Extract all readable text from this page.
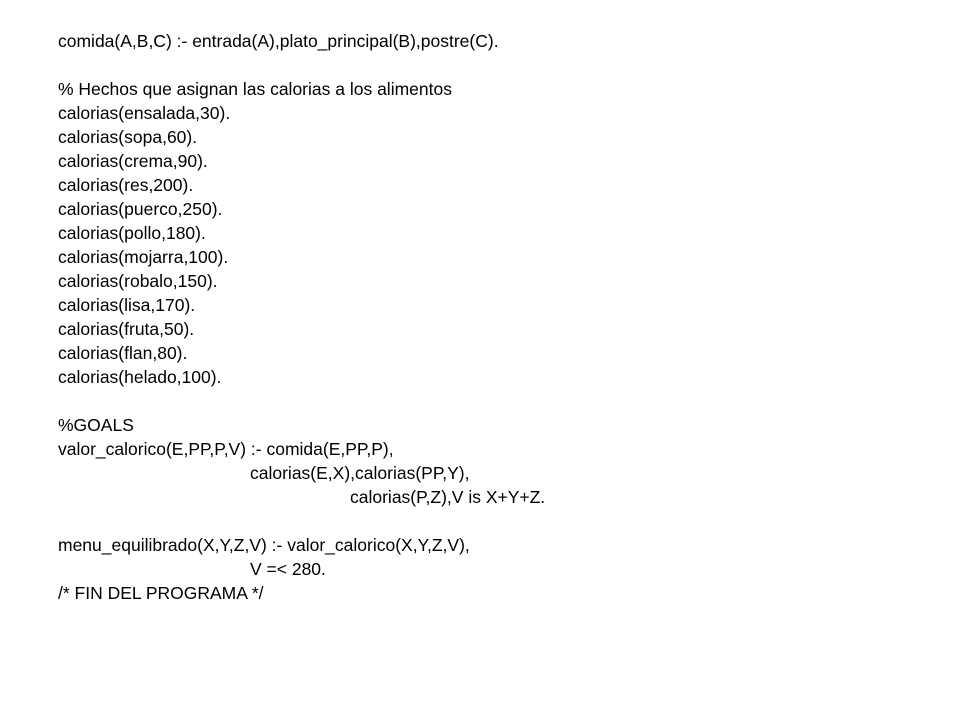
comida(A,B,C) :- entrada(A),plato_principal(B),postre(C).
% Hechos que asignan las calorias a los alimentos
calorias(ensalada,30).
calorias(sopa,60).
calorias(crema,90).
calorias(res,200).
calorias(puerco,250).
calorias(pollo,180).
calorias(mojarra,100).
calorias(robalo,150).
calorias(lisa,170).
calorias(fruta,50).
calorias(flan,80).
calorias(helado,100).
%GOALS
valor_calorico(E,PP,P,V) :- comida(E,PP,P),
calorias(E,X),calorias(PP,Y),
calorias(P,Z),V is X+Y+Z.
menu_equilibrado(X,Y,Z,V) :- valor_calorico(X,Y,Z,V),
V =< 280.
/* FIN DEL PROGRAMA */
